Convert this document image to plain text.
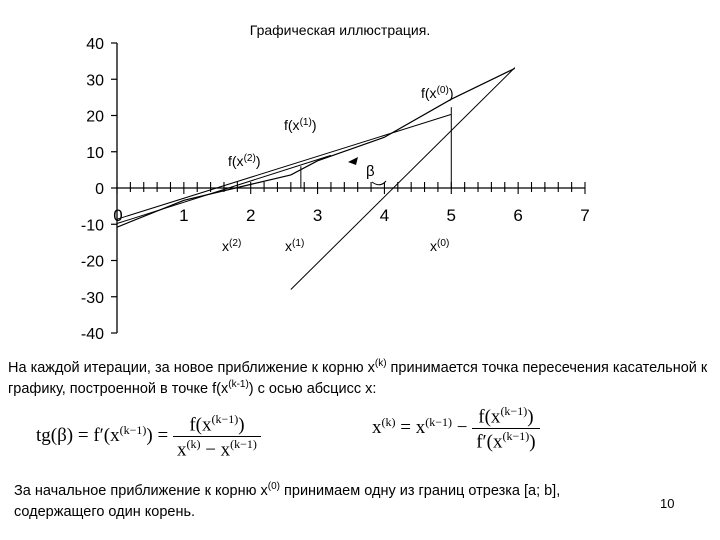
Графическая иллюстрация.
40
30
20
10
0
-10
-20
-30
-40
0	1	2	3	4	5	6	7
$f(x^{(0)})$
$f(x^{(1)})$
$f(x^{(2)})$
β
$x^{(2)}$	$x^{(1)}$	$x^{(0)}$
На каждой итерации, за новое приближение к корню $x^{(k)}$ принимается точка пересечения касательной к графику, построенной в точке $f(x^{(k-1)})$ с осью абсцисс x:
$tg(\beta) = f'(x^{(k-1)}) = \frac{f(x^{(k-1)})}{x^{(k)} - x^{(k-1)}}$	$x^{(k)} = x^{(k-1)} - \frac{f(x^{(k-1)})}{f'(x^{(k-1)})}$
За начальное приближение к корню $x^{(0)}$ принимаем одну из границ отрезка [a; b], содержащего один корень.
10
